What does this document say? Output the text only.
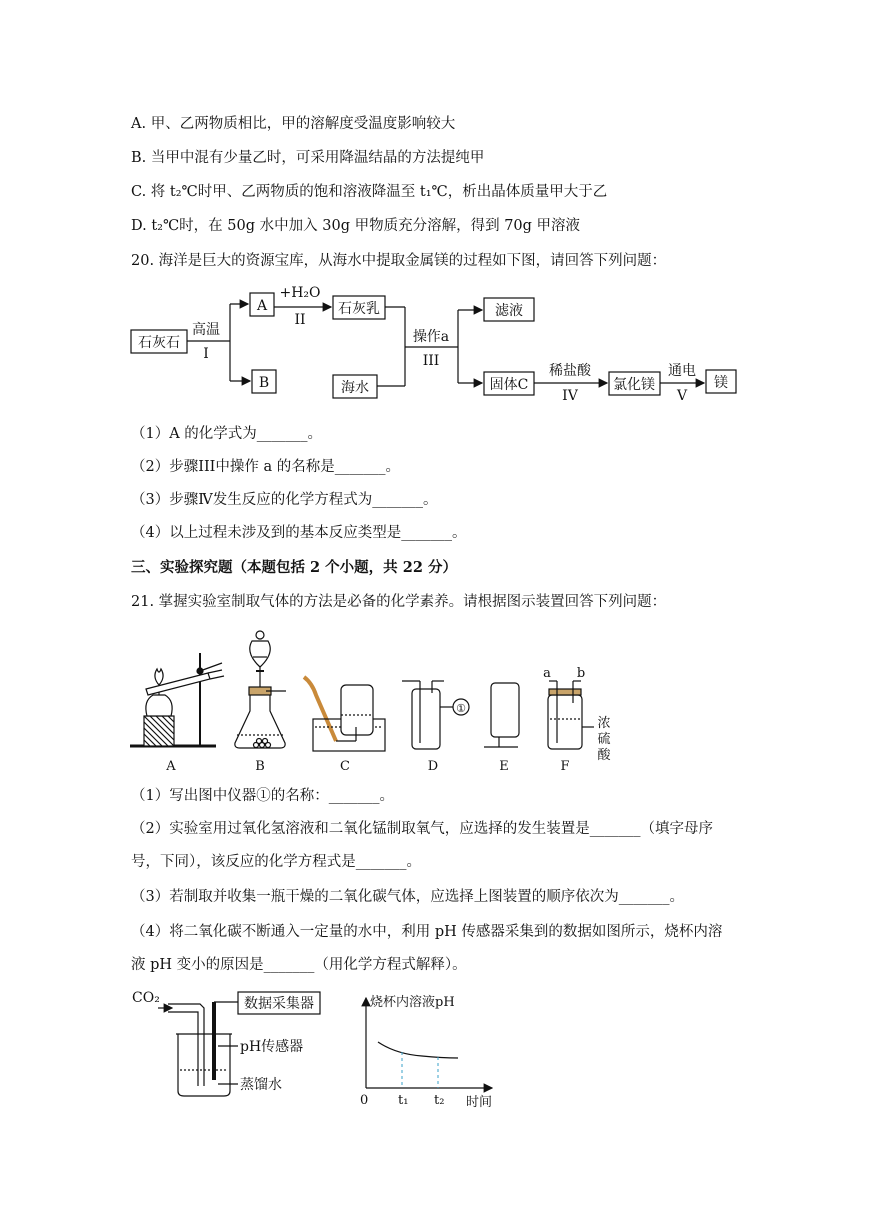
A. 甲、乙两物质相比，甲的溶解度受温度影响较大
B. 当甲中混有少量乙时，可采用降温结晶的方法提纯甲
C. 将 t₂℃时甲、乙两物质的饱和溶液降温至 t₁℃，析出晶体质量甲大于乙
D. t₂℃时，在 50g 水中加入 30g 甲物质充分溶解，得到 70g 甲溶液
20. 海洋是巨大的资源宝库，从海水中提取金属镁的过程如下图，请回答下列问题：
石灰石
高温
I
A
B
+H₂O
II
石灰乳
海水
操作a
III
滤液
固体C
稀盐酸
IV
氯化镁
通电
V
镁
（1）A 的化学式为_______。
（2）步骤III中操作 a 的名称是_______。
（3）步骤Ⅳ发生反应的化学方程式为_______。
（4）以上过程未涉及到的基本反应类型是_______。
三、实验探究题（本题包括 2 个小题，共 22 分）
21. 掌握实验室制取气体的方法是必备的化学素养。请根据图示装置回答下列问题：
A	B	C	D	E	F
①
a b
浓
硫
酸
（1）写出图中仪器①的名称：_______。
（2）实验室用过氧化氢溶液和二氧化锰制取氧气，应选择的发生装置是_______（填字母序
号，下同），该反应的化学方程式是_______。
（3）若制取并收集一瓶干燥的二氧化碳气体，应选择上图装置的顺序依次为_______。
（4）将二氧化碳不断通入一定量的水中，利用 pH 传感器采集到的数据如图所示，烧杯内溶
液 pH 变小的原因是_______（用化学方程式解释）。
CO₂	数据采集器
pH传感器
蒸馏水
烧杯内溶液pH
0 t₁ t₂ 时间
